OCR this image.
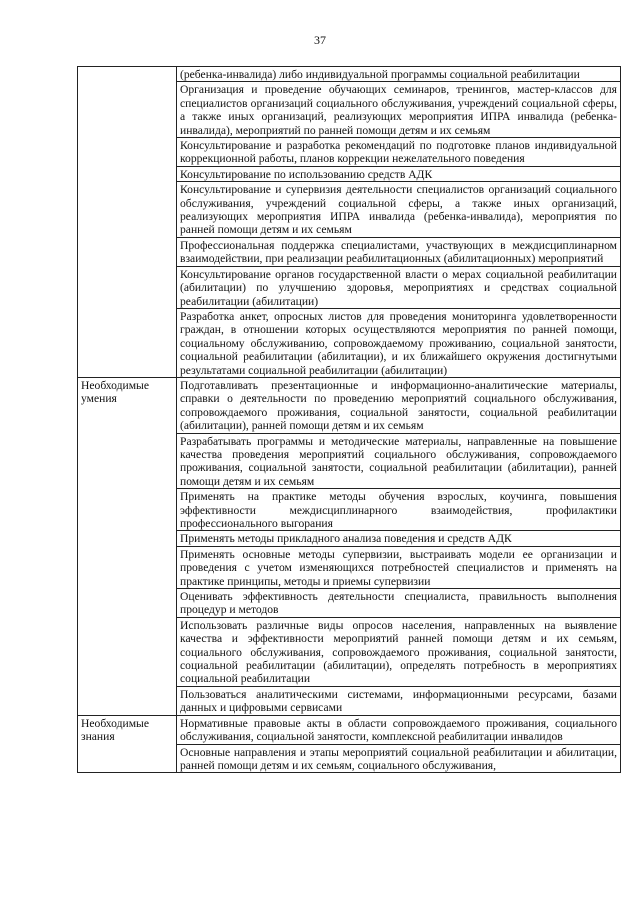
37
	(ребенка-инвалида) либо индивидуальной программы социальной реабилитации
	Организация и проведение обучающих семинаров, тренингов, мастер-классов для специалистов организаций социального обслуживания, учреждений социальной сферы, а также иных организаций, реализующих мероприятия ИПРА инвалида (ребенка-инвалида), мероприятий по ранней помощи детям и их семьям
	Консультирование и разработка рекомендаций по подготовке планов индивидуальной коррекционной работы, планов коррекции нежелательного поведения
	Консультирование по использованию средств АДК
	Консультирование и супервизия деятельности специалистов организаций социального обслуживания, учреждений социальной сферы, а также иных организаций, реализующих мероприятия ИПРА инвалида (ребенка-инвалида), мероприятия по ранней помощи детям и их семьям
	Профессиональная поддержка специалистами, участвующих в междисциплинарном взаимодействии, при реализации реабилитационных (абилитационных) мероприятий
	Консультирование органов государственной власти о мерах социальной реабилитации (абилитации) по улучшению здоровья, мероприятиях и средствах социальной реабилитации (абилитации)
	Разработка анкет, опросных листов для проведения мониторинга удовлетворенности граждан, в отношении которых осуществляются мероприятия по ранней помощи, социальному обслуживанию, сопровождаемому проживанию, социальной занятости, социальной реабилитации (абилитации), и их ближайшего окружения достигнутыми результатами социальной реабилитации (абилитации)
Необходимые умения	Подготавливать презентационные и информационно-аналитические материалы, справки о деятельности по проведению мероприятий социального обслуживания, сопровождаемого проживания, социальной занятости, социальной реабилитации (абилитации), ранней помощи детям и их семьям
	Разрабатывать программы и методические материалы, направленные на повышение качества проведения мероприятий социального обслуживания, сопровождаемого проживания, социальной занятости, социальной реабилитации (абилитации), ранней помощи детям и их семьям
	Применять на практике методы обучения взрослых, коучинга, повышения эффективности междисциплинарного взаимодействия, профилактики профессионального выгорания
	Применять методы прикладного анализа поведения и средств АДК
	Применять основные методы супервизии, выстраивать модели ее организации и проведения с учетом изменяющихся потребностей специалистов и применять на практике принципы, методы и приемы супервизии
	Оценивать эффективность деятельности специалиста, правильность выполнения процедур и методов
	Использовать различные виды опросов населения, направленных на выявление качества и эффективности мероприятий ранней помощи детям и их семьям, социального обслуживания, сопровождаемого проживания, социальной занятости, социальной реабилитации (абилитации), определять потребность в мероприятиях социальной реабилитации
	Пользоваться аналитическими системами, информационными ресурсами, базами данных и цифровыми сервисами
Необходимые знания	Нормативные правовые акты в области сопровождаемого проживания, социального обслуживания, социальной занятости, комплексной реабилитации инвалидов
	Основные направления и этапы мероприятий социальной реабилитации и абилитации, ранней помощи детям и их семьям, социального обслуживания,
